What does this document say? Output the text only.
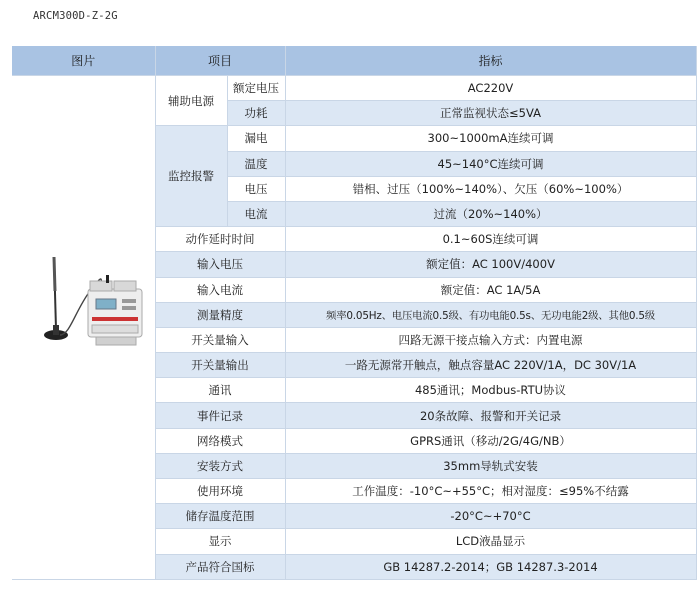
ARCM300D-Z-2G
图片	项目		指标

	辅助电源	额定电压	AC220V
		功耗	正常监视状态≤5VA
	监控报警	漏电	300~1000mA连续可调
		温度	45~140°C连续可调
		电压	错相、过压（100%~140%）、欠压（60%~100%）
		电流	过流（20%~140%）
	动作延时时间		0.1~60S连续可调
	输入电压		额定值：AC 100V/400V
	输入电流		额定值：AC 1A/5A
	测量精度		频率0.05Hz、电压电流0.5级、有功电能0.5s、无功电能2级、其他0.5级
	开关量输入		四路无源干接点输入方式：内置电源
	开关量输出		一路无源常开触点，触点容量AC 220V/1A，DC 30V/1A
	通讯		485通讯；Modbus-RTU协议
	事件记录		20条故障、报警和开关记录
	网络模式		GPRS通讯（移动/2G/4G/NB）
	安装方式		35mm导轨式安装
	使用环境		工作温度：-10°C~+55°C；相对湿度：≤95%不结露
	储存温度范围		-20°C~+70°C
	显示		LCD液晶显示
	产品符合国标		GB 14287.2-2014；GB 14287.3-2014
